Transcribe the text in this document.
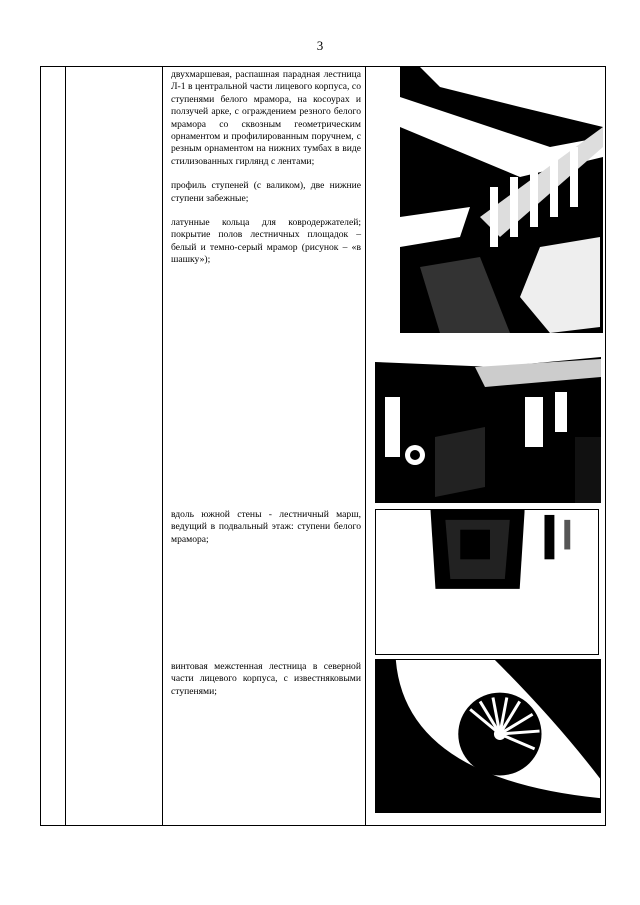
3

двухмаршевая, распашная парадная лестница Л-1 в центральной части лицевого корпуса, со ступенями белого мрамора, на косоурах и ползучей арке, с ограждением резного белого мрамора со сквозным геометрическим орнаментом и профилированным поручнем, с резным орнаментом на нижних тумбах в виде стилизованных гирлянд с лентами;

профиль ступеней (с валиком), две нижние ступени забежные;

латунные кольца для ковродержателей; покрытие полов лестничных площадок – белый и темно-серый мрамор (рисунок – «в шашку»);

вдоль южной стены - лестничный марш, ведущий в подвальный этаж: ступени белого мрамора;

винтовая межстенная лестница в северной части лицевого корпуса, с известняковыми ступенями;
